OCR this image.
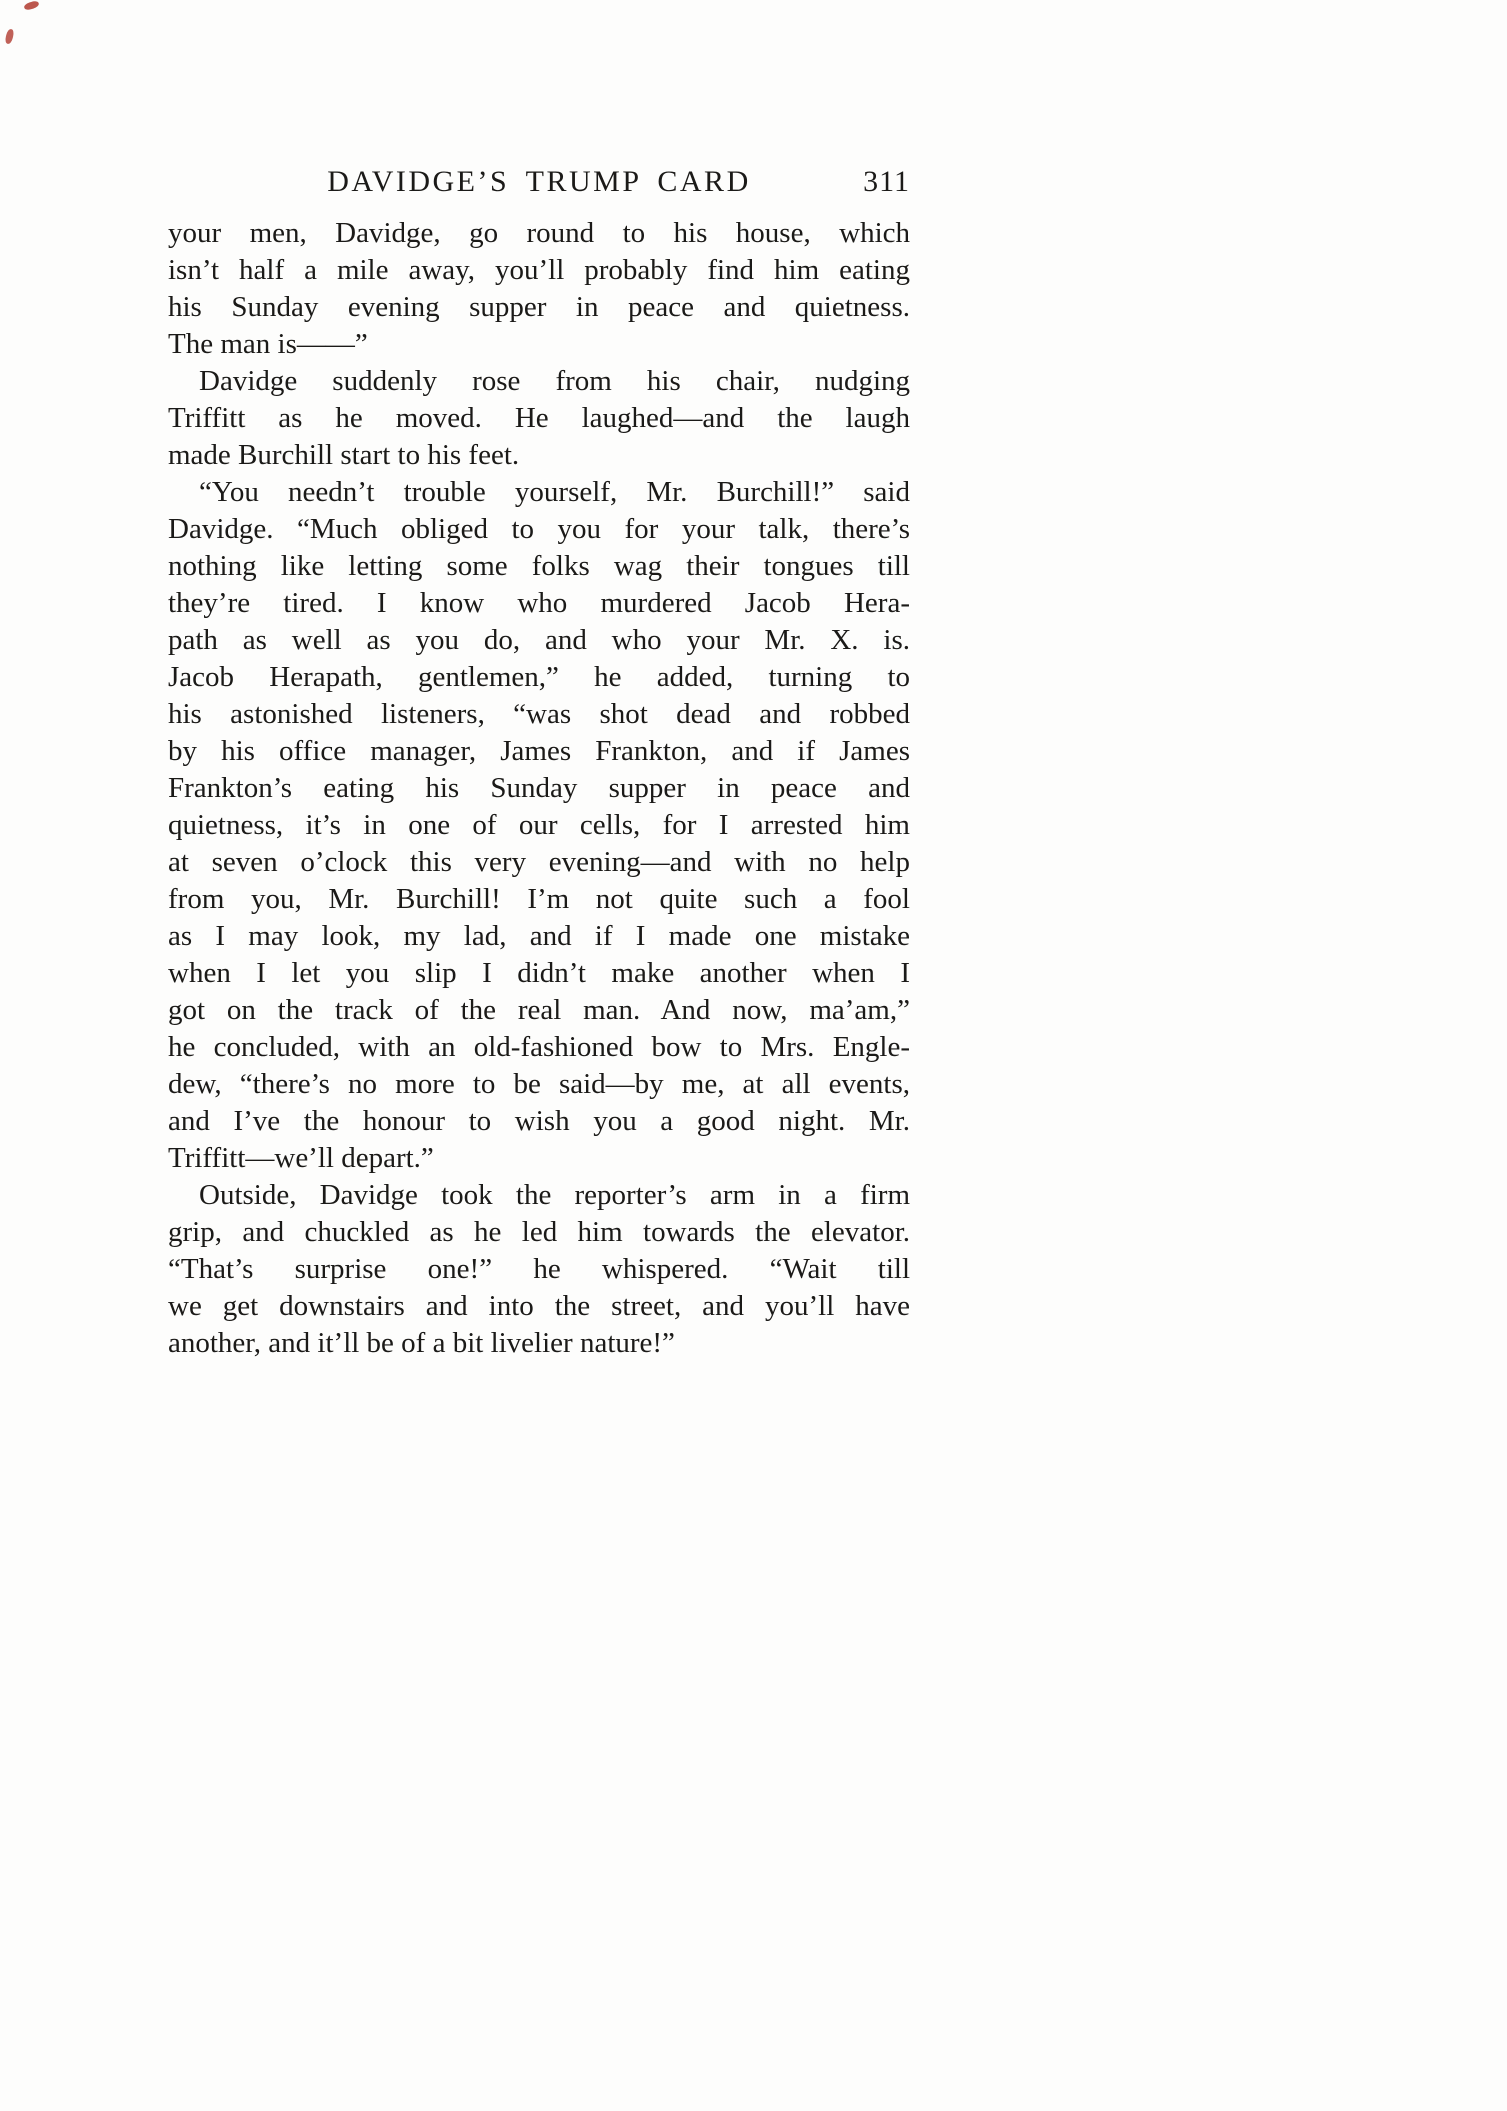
DAVIDGE’S TRUMP CARD	311
your men, Davidge, go round to his house, which
isn’t half a mile away, you’ll probably find him eating
his Sunday evening supper in peace and quietness.
The man is——”
Davidge suddenly rose from his chair, nudging
Triffitt as he moved. He laughed—and the laugh
made Burchill start to his feet.
“You needn’t trouble yourself, Mr. Burchill!” said
Davidge. “Much obliged to you for your talk, there’s
nothing like letting some folks wag their tongues till
they’re tired. I know who murdered Jacob Hera-
path as well as you do, and who your Mr. X. is.
Jacob Herapath, gentlemen,” he added, turning to
his astonished listeners, “was shot dead and robbed
by his office manager, James Frankton, and if James
Frankton’s eating his Sunday supper in peace and
quietness, it’s in one of our cells, for I arrested him
at seven o’clock this very evening—and with no help
from you, Mr. Burchill! I’m not quite such a fool
as I may look, my lad, and if I made one mistake
when I let you slip I didn’t make another when I
got on the track of the real man. And now, ma’am,”
he concluded, with an old-fashioned bow to Mrs. Engle-
dew, “there’s no more to be said—by me, at all events,
and I’ve the honour to wish you a good night. Mr.
Triffitt—we’ll depart.”
Outside, Davidge took the reporter’s arm in a firm
grip, and chuckled as he led him towards the elevator.
“That’s surprise one!” he whispered. “Wait till
we get downstairs and into the street, and you’ll have
another, and it’ll be of a bit livelier nature!”
